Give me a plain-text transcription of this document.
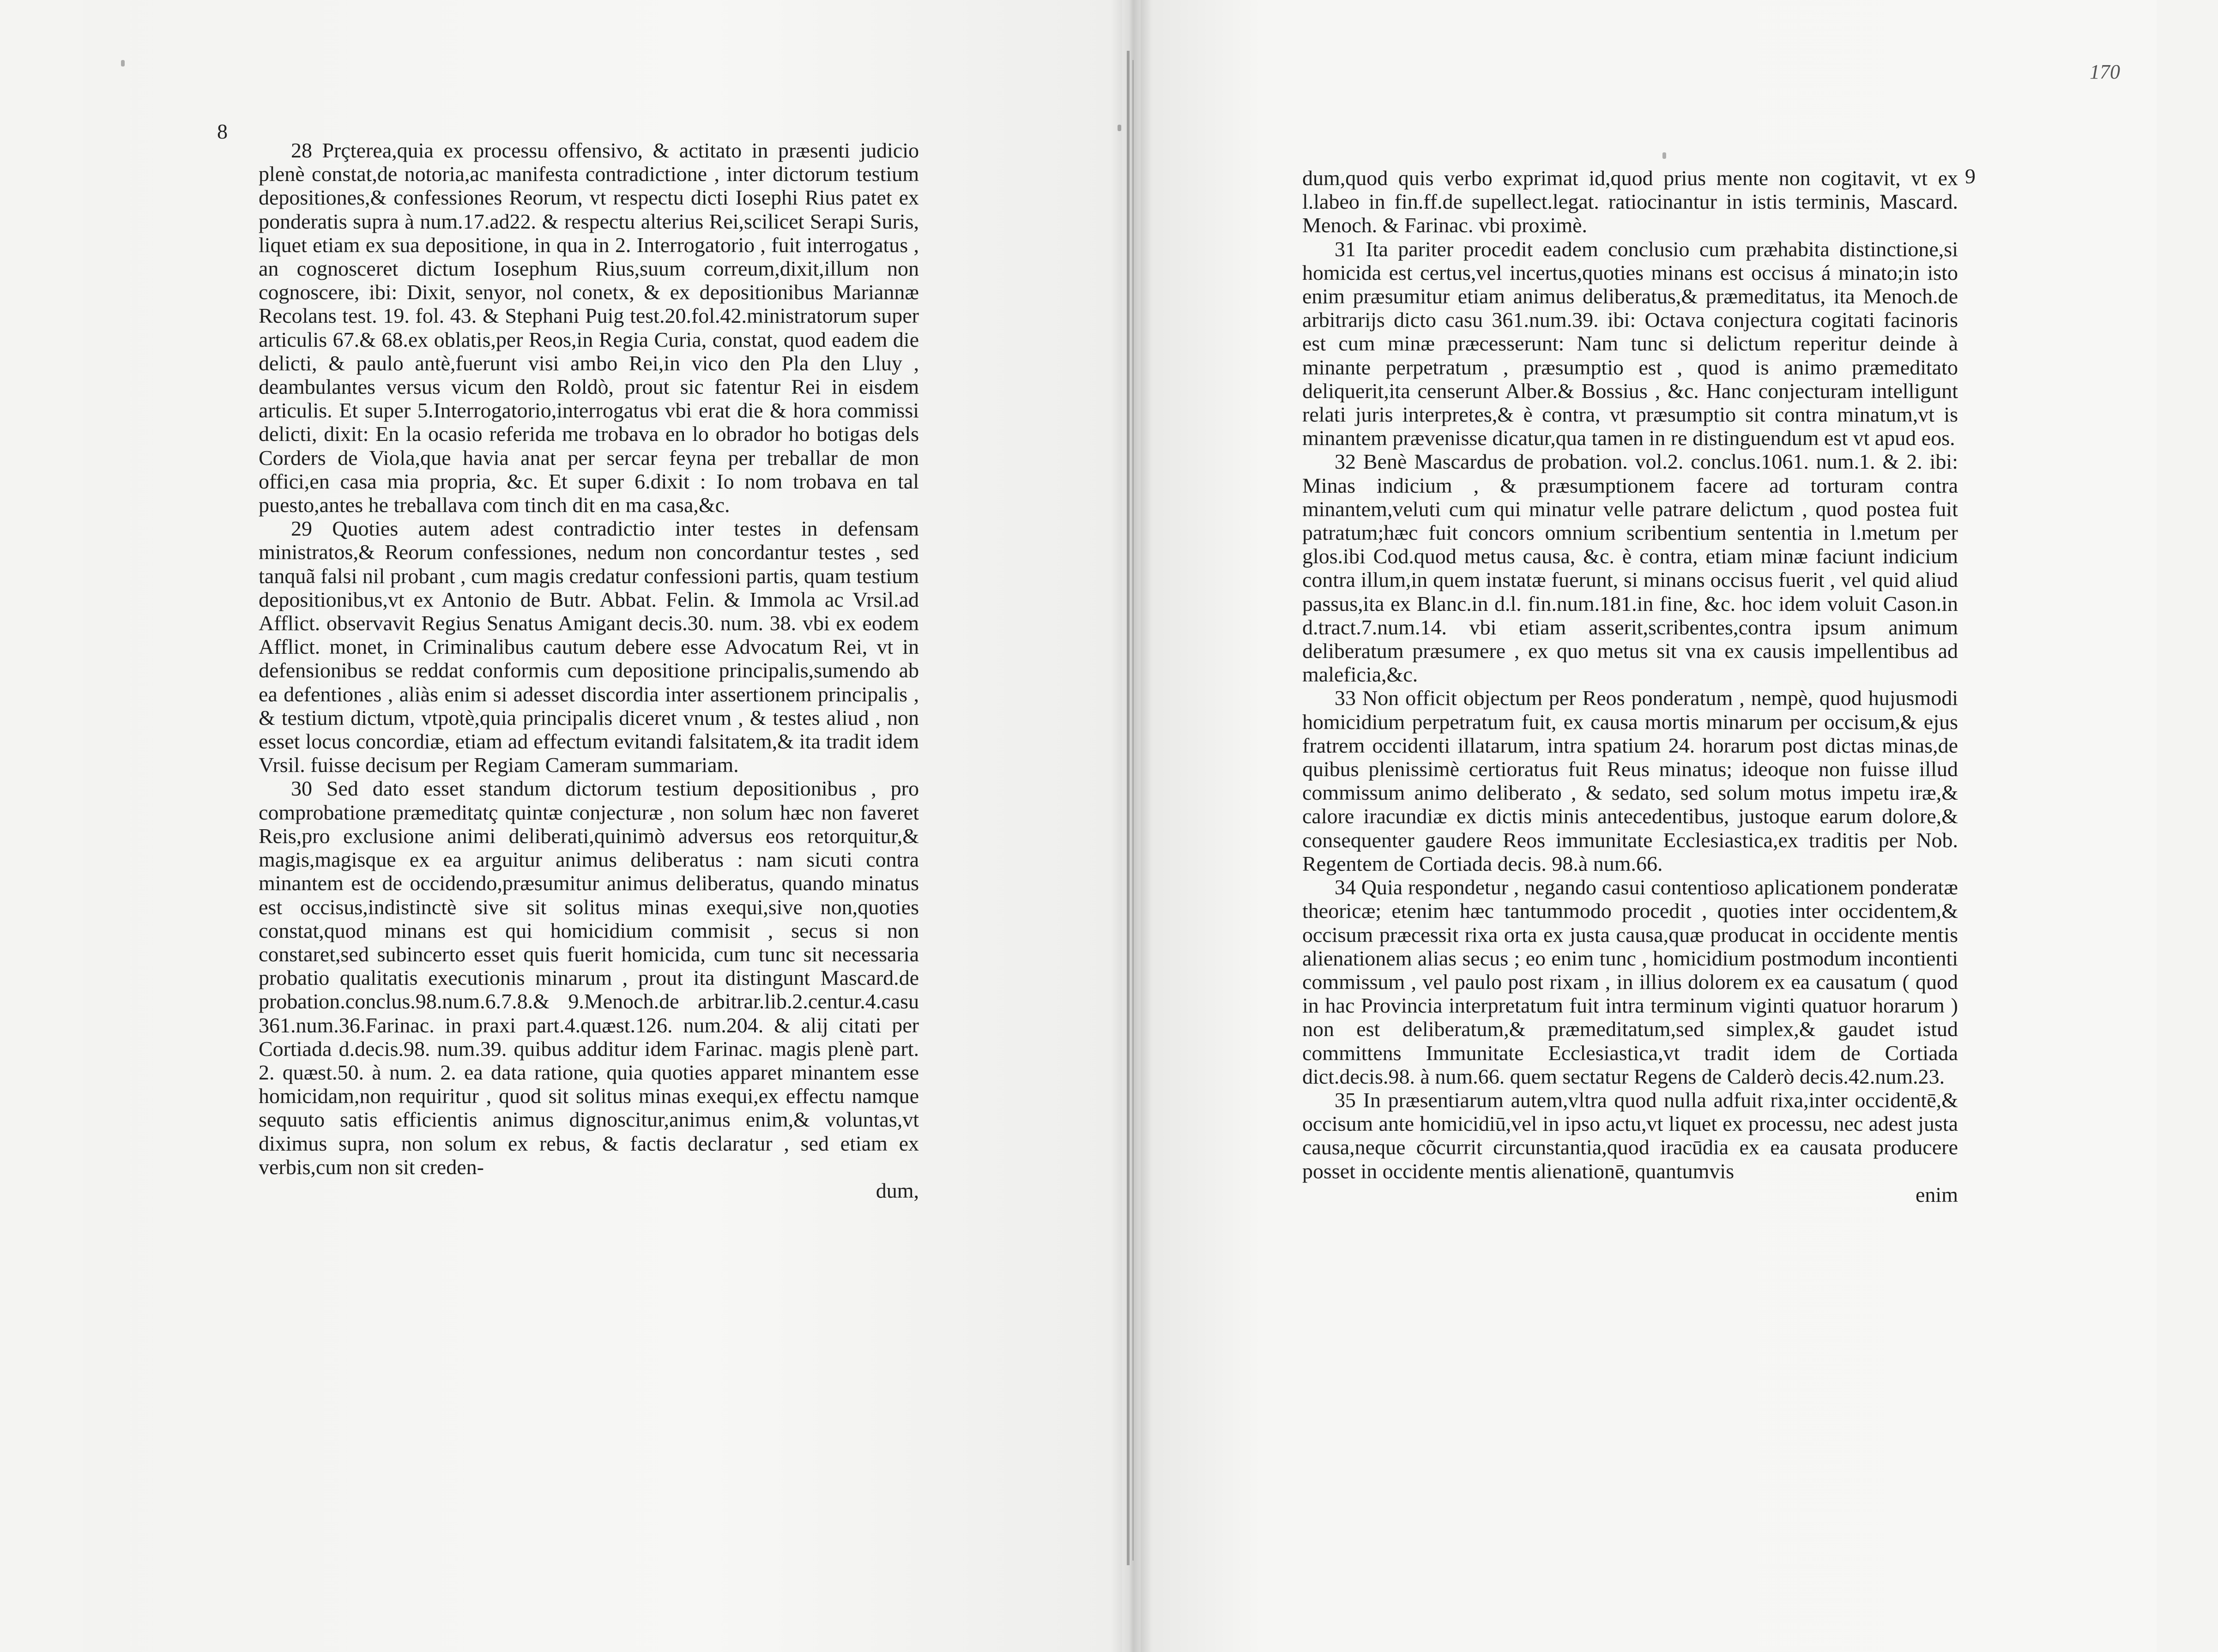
8

28 Prçterea,quia ex processu offensivo, & actitato in præsenti judicio plenè constat,de notoria,ac manifesta contradictione , inter dictorum testium depositiones,& confessiones Reorum, vt respectu dicti Iosephi Rius patet ex ponderatis supra à num.17.ad22. & respectu alterius Rei,scilicet Serapi Suris, liquet etiam ex sua depositione, in qua in 2. Interrogatorio , fuit interrogatus , an cognosceret dictum Iosephum Rius,suum correum,dixit,illum non cognoscere, ibi: Dixit, senyor, nol conetx, & ex depositionibus Mariannæ Recolans test. 19. fol. 43. & Stephani Puig test.20.fol.42.ministratorum super articulis 67.& 68.ex oblatis,per Reos,in Regia Curia, constat, quod eadem die delicti, & paulo antè,fuerunt visi ambo Rei,in vico den Pla den Lluy , deambulantes versus vicum den Roldò, prout sic fatentur Rei in eisdem articulis. Et super 5.Interrogatorio,interrogatus vbi erat die & hora commissi delicti, dixit: En la ocasio referida me trobava en lo obrador ho botigas dels Corders de Viola,que havia anat per sercar feyna per treballar de mon offici,en casa mia propria, &c. Et super 6.dixit : Io nom trobava en tal puesto,antes he treballava com tinch dit en ma casa,&c.

29 Quoties autem adest contradictio inter testes in defensam ministratos,& Reorum confessiones, nedum non concordantur testes , sed tanquã falsi nil probant , cum magis credatur confessioni partis, quam testium depositionibus,vt ex Antonio de Butr. Abbat. Felin. & Immola ac Vrsil.ad Afflict. observavit Regius Senatus Amigant decis.30. num. 38. vbi ex eodem Afflict. monet, in Criminalibus cautum debere esse Advocatum Rei, vt in defensionibus se reddat conformis cum depositione principalis,sumendo ab ea defentiones , aliàs enim si adesset discordia inter assertionem principalis , & testium dictum, vtpotè,quia principalis diceret vnum , & testes aliud , non esset locus concordiæ, etiam ad effectum evitandi falsitatem,& ita tradit idem Vrsil. fuisse decisum per Regiam Cameram summariam.

30 Sed dato esset standum dictorum testium depositionibus , pro comprobatione præmeditatç quintæ conjecturæ , non solum hæc non faveret Reis,pro exclusione animi deliberati,quinimò adversus eos retorquitur,& magis,magisque ex ea arguitur animus deliberatus : nam sicuti contra minantem est de occidendo,præsumitur animus deliberatus, quando minatus est occisus,indistinctè sive sit solitus minas exequi,sive non,quoties constat,quod minans est qui homicidium commisit , secus si non constaret,sed subincerto esset quis fuerit homicida, cum tunc sit necessaria probatio qualitatis executionis minarum , prout ita distingunt Mascard.de probation.conclus.98.num.6.7.8.& 9.Menoch.de arbitrar.lib.2.centur.4.casu 361.num.36.Farinac. in praxi part.4.quæst.126. num.204. & alij citati per Cortiada d.decis.98. num.39. quibus additur idem Farinac. magis plenè part. 2. quæst.50. à num. 2. ea data ratione, quia quoties apparet minantem esse homicidam,non requiritur , quod sit solitus minas exequi,ex effectu namque sequuto satis efficientis animus dignoscitur,animus enim,& voluntas,vt diximus supra, non solum ex rebus, & factis declaratur , sed etiam ex verbis,cum non sit creden-

dum,

9

dum,quod quis verbo exprimat id,quod prius mente non cogitavit, vt ex l.labeo in fin.ff.de supellect.legat. ratiocinantur in istis terminis, Mascard. Menoch. & Farinac. vbi proximè.

31 Ita pariter procedit eadem conclusio cum præhabita distinctione,si homicida est certus,vel incertus,quoties minans est occisus á minato;in isto enim præsumitur etiam animus deliberatus,& præmeditatus, ita Menoch.de arbitrarijs dicto casu 361.num.39. ibi: Octava conjectura cogitati facinoris est cum minæ præcesserunt: Nam tunc si delictum reperitur deinde à minante perpetratum , præsumptio est , quod is animo præmeditato deliquerit,ita censerunt Alber.& Bossius , &c. Hanc conjecturam intelligunt relati juris interpretes,& è contra, vt præsumptio sit contra minatum,vt is minantem prævenisse dicatur,qua tamen in re distinguendum est vt apud eos.

32 Benè Mascardus de probation. vol.2. conclus.1061. num.1. & 2. ibi: Minas indicium , & præsumptionem facere ad torturam contra minantem,veluti cum qui minatur velle patrare delictum , quod postea fuit patratum;hæc fuit concors omnium scribentium sententia in l.metum per glos.ibi Cod.quod metus causa, &c. è contra, etiam minæ faciunt indicium contra illum,in quem instatæ fuerunt, si minans occisus fuerit , vel quid aliud passus,ita ex Blanc.in d.l. fin.num.181.in fine, &c. hoc idem voluit Cason.in d.tract.7.num.14. vbi etiam asserit,scribentes,contra ipsum animum deliberatum præsumere , ex quo metus sit vna ex causis impellentibus ad maleficia,&c.

33 Non officit objectum per Reos ponderatum , nempè, quod hujusmodi homicidium perpetratum fuit, ex causa mortis minarum per occisum,& ejus fratrem occidenti illatarum, intra spatium 24. horarum post dictas minas,de quibus plenissimè certioratus fuit Reus minatus; ideoque non fuisse illud commissum animo deliberato , & sedato, sed solum motus impetu iræ,& calore iracundiæ ex dictis minis antecedentibus, justoque earum dolore,& consequenter gaudere Reos immunitate Ecclesiastica,ex traditis per Nob. Regentem de Cortiada decis. 98.à num.66.

34 Quia respondetur , negando casui contentioso aplicationem ponderatæ theoricæ; etenim hæc tantummodo procedit , quoties inter occidentem,& occisum præcessit rixa orta ex justa causa,quæ producat in occidente mentis alienationem alias secus ; eo enim tunc , homicidium postmodum incontienti commissum , vel paulo post rixam , in illius dolorem ex ea causatum ( quod in hac Provincia interpretatum fuit intra terminum viginti quatuor horarum ) non est deliberatum,& præmeditatum,sed simplex,& gaudet istud committens Immunitate Ecclesiastica,vt tradit idem de Cortiada dict.decis.98. à num.66. quem sectatur Regens de Calderò decis.42.num.23.

35 In præsentiarum autem,vltra quod nulla adfuit rixa,inter occidentē,& occisum ante homicidiū,vel in ipso actu,vt liquet ex processu, nec adest justa causa,neque cõcurrit circunstantia,quod iracūdia ex ea causata producere posset in occidente mentis alienationē, quantumvis

enim

170
